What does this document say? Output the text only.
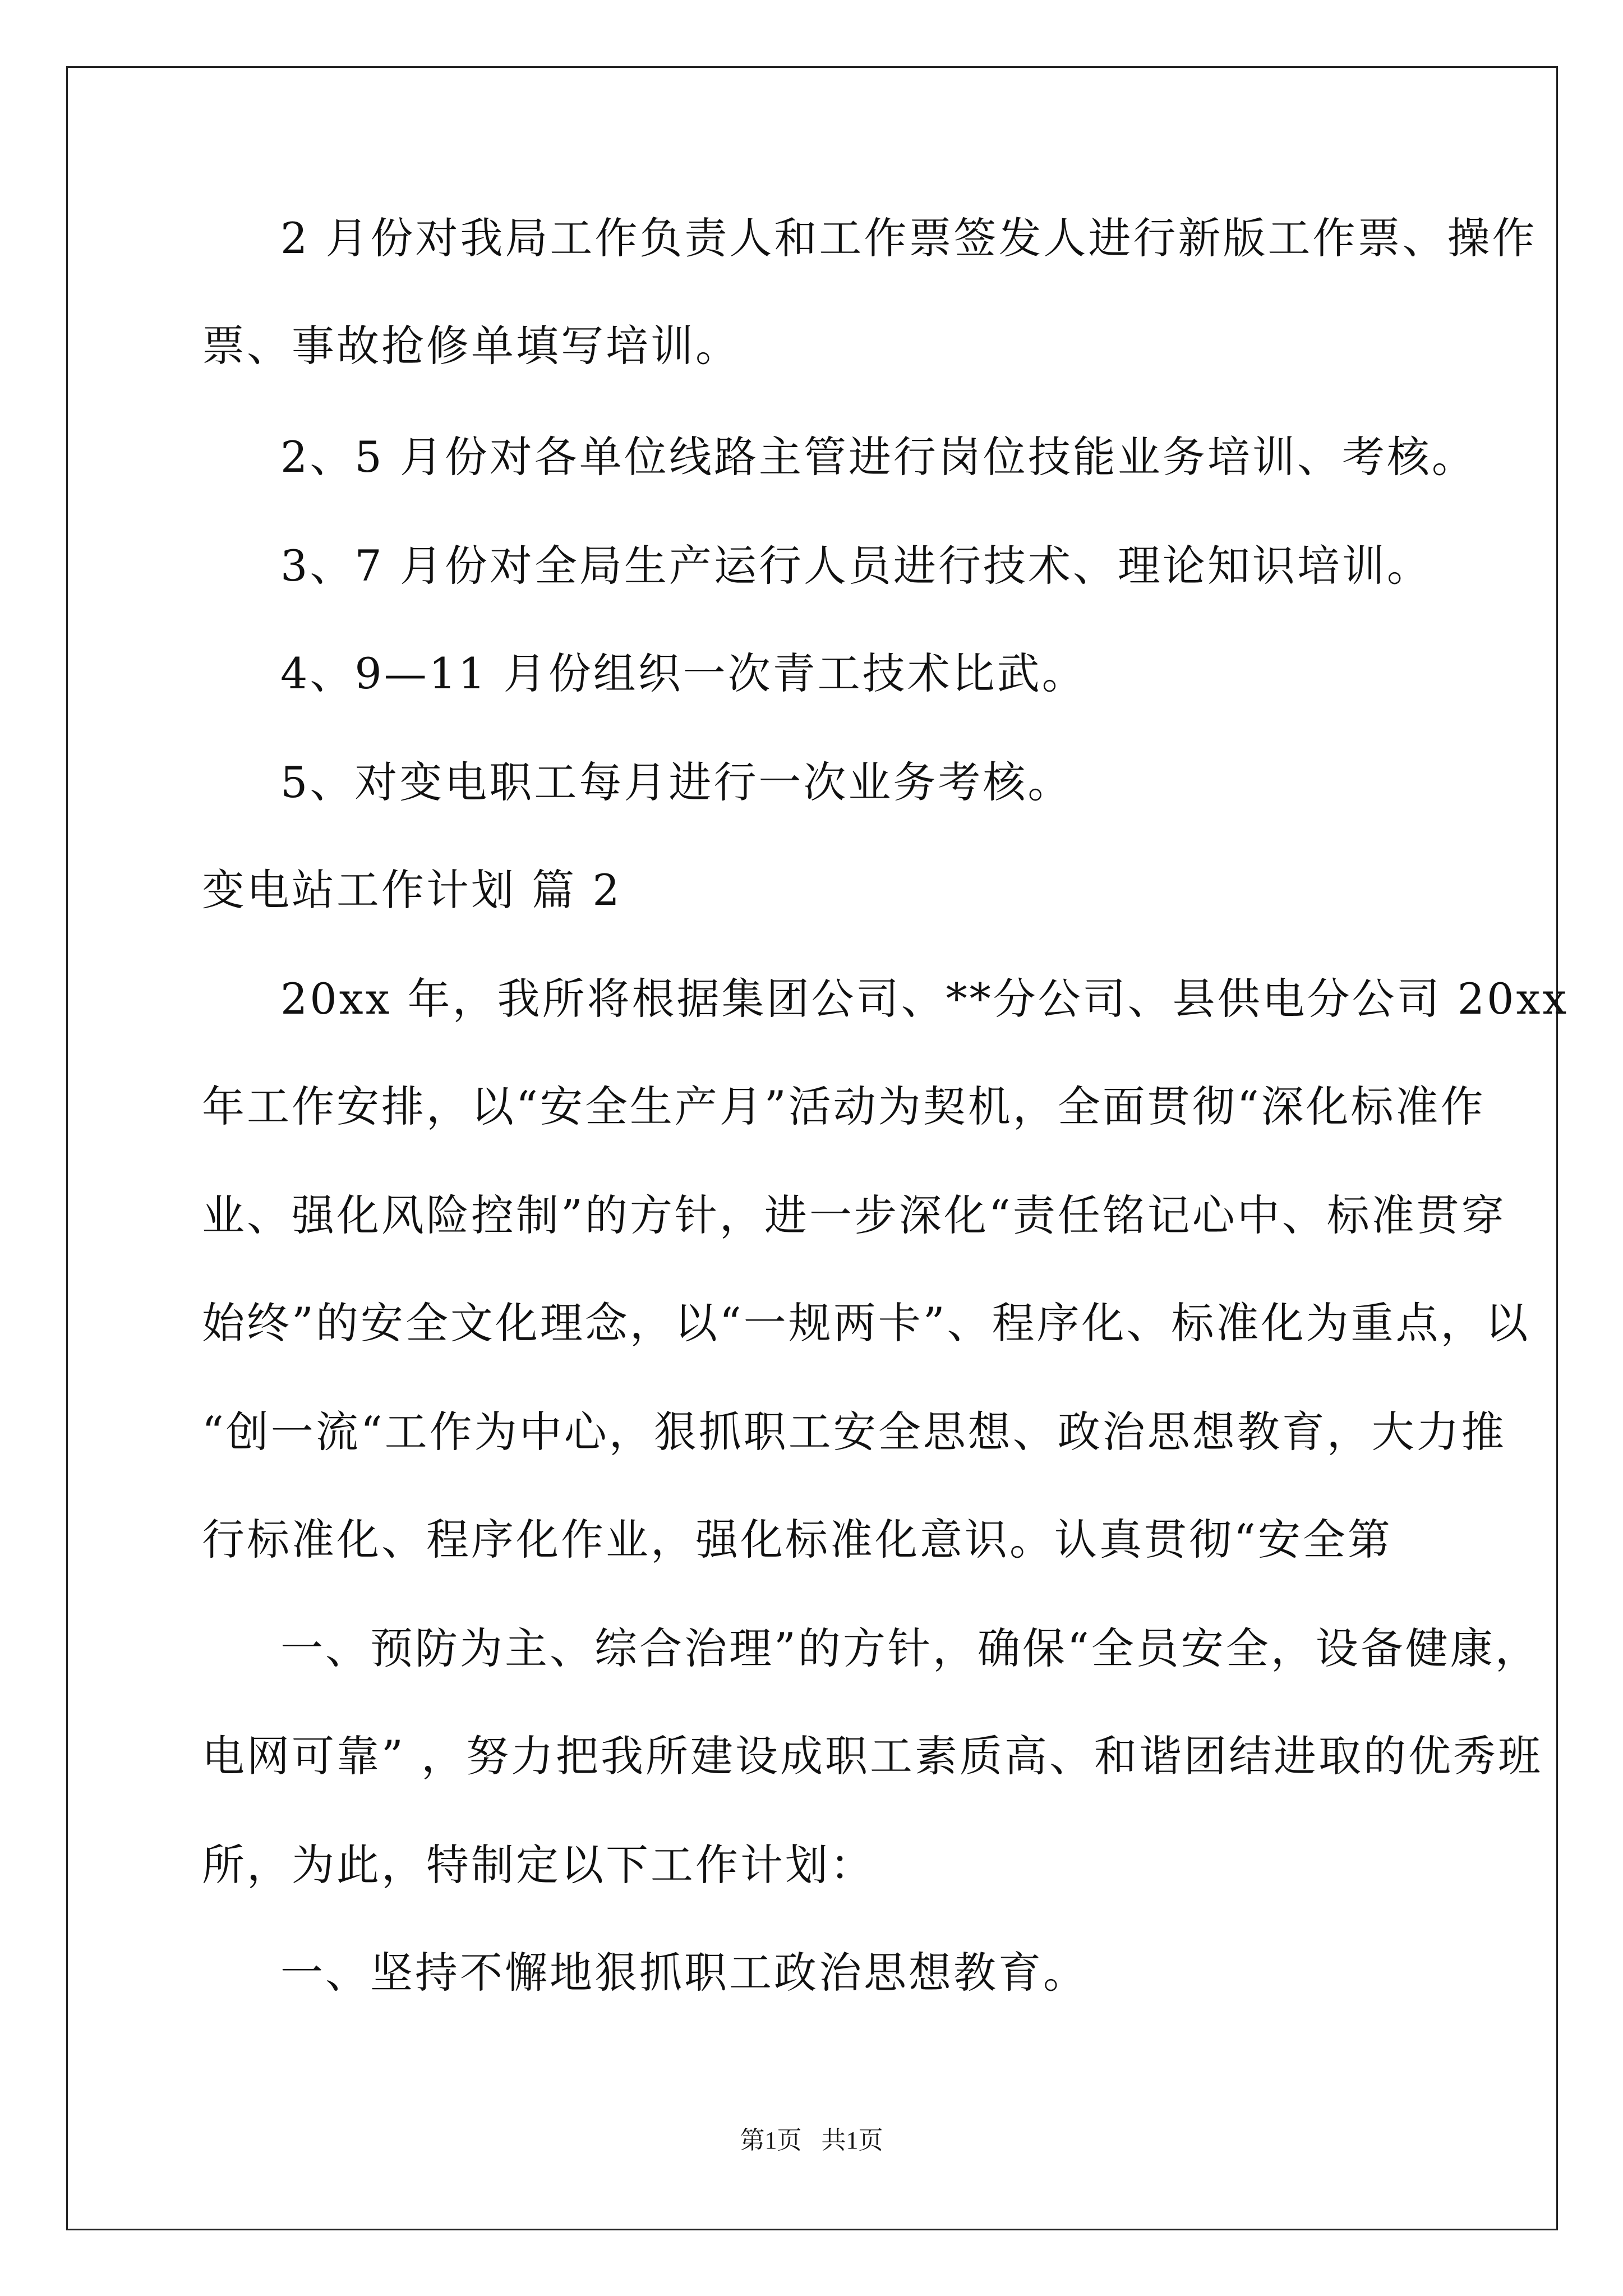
2 月份对我局工作负责人和工作票签发人进行新版工作票、操作
票、事故抢修单填写培训。
2、5 月份对各单位线路主管进行岗位技能业务培训、考核。
3、7 月份对全局生产运行人员进行技术、理论知识培训。
4、9—11 月份组织一次青工技术比武。
5、对变电职工每月进行一次业务考核。
变电站工作计划 篇 2
20xx 年，我所将根据集团公司、**分公司、县供电分公司 20xx
年工作安排，以“安全生产月”活动为契机，全面贯彻“深化标准作
业、强化风险控制”的方针，进一步深化“责任铭记心中、标准贯穿
始终”的安全文化理念，以“一规两卡”、程序化、标准化为重点，以
“创一流“工作为中心，狠抓职工安全思想、政治思想教育，大力推
行标准化、程序化作业，强化标准化意识。认真贯彻“安全第
一、预防为主、综合治理”的方针，确保“全员安全，设备健康，
电网可靠” ，努力把我所建设成职工素质高、和谐团结进取的优秀班
所，为此，特制定以下工作计划：
一、坚持不懈地狠抓职工政治思想教育。
第1页 共1页
